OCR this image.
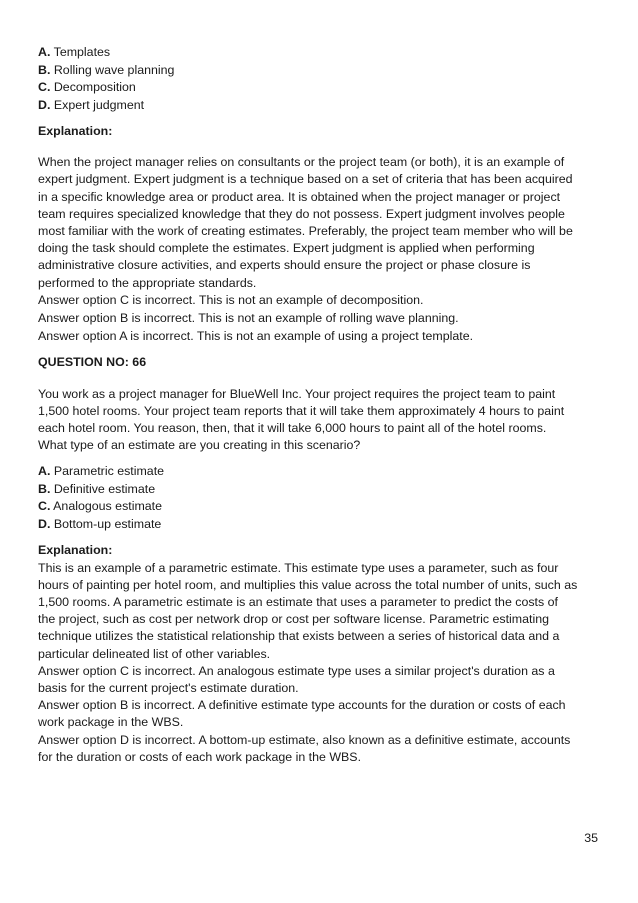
A. Templates
B. Rolling wave planning
C. Decomposition
D. Expert judgment
Explanation:
When the project manager relies on consultants or the project team (or both), it is an example of
expert judgment. Expert judgment is a technique based on a set of criteria that has been acquired
in a specific knowledge area or product area. It is obtained when the project manager or project
team requires specialized knowledge that they do not possess. Expert judgment involves people
most familiar with the work of creating estimates. Preferably, the project team member who will be
doing the task should complete the estimates. Expert judgment is applied when performing
administrative closure activities, and experts should ensure the project or phase closure is
performed to the appropriate standards.
Answer option C is incorrect. This is not an example of decomposition.
Answer option B is incorrect. This is not an example of rolling wave planning.
Answer option A is incorrect. This is not an example of using a project template.
QUESTION NO: 66
You work as a project manager for BlueWell Inc. Your project requires the project team to paint
1,500 hotel rooms. Your project team reports that it will take them approximately 4 hours to paint
each hotel room. You reason, then, that it will take 6,000 hours to paint all of the hotel rooms.
What type of an estimate are you creating in this scenario?
A. Parametric estimate
B. Definitive estimate
C. Analogous estimate
D. Bottom-up estimate
Explanation:
This is an example of a parametric estimate. This estimate type uses a parameter, such as four
hours of painting per hotel room, and multiplies this value across the total number of units, such as
1,500 rooms. A parametric estimate is an estimate that uses a parameter to predict the costs of
the project, such as cost per network drop or cost per software license. Parametric estimating
technique utilizes the statistical relationship that exists between a series of historical data and a
particular delineated list of other variables.
Answer option C is incorrect. An analogous estimate type uses a similar project's duration as a
basis for the current project's estimate duration.
Answer option B is incorrect. A definitive estimate type accounts for the duration or costs of each
work package in the WBS.
Answer option D is incorrect. A bottom-up estimate, also known as a definitive estimate, accounts
for the duration or costs of each work package in the WBS.
35
